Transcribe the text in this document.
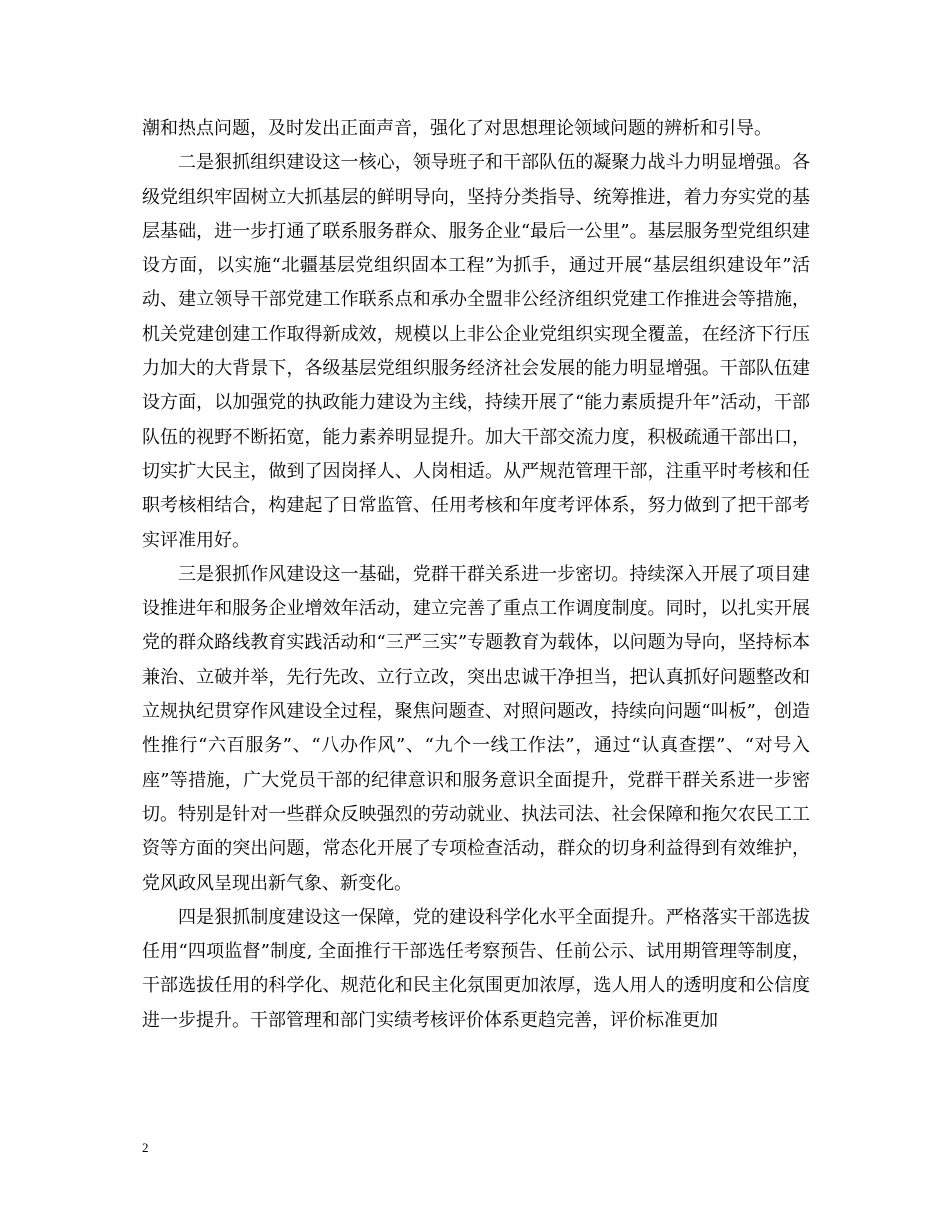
潮和热点问题，及时发出正面声音，强化了对思想理论领域问题的辨析和引导。

二是狠抓组织建设这一核心，领导班子和干部队伍的凝聚力战斗力明显增强。各级党组织牢固树立大抓基层的鲜明导向，坚持分类指导、统筹推进，着力夯实党的基层基础，进一步打通了联系服务群众、服务企业“最后一公里”。基层服务型党组织建设方面，以实施“北疆基层党组织固本工程”为抓手，通过开展“基层组织建设年”活动、建立领导干部党建工作联系点和承办全盟非公经济组织党建工作推进会等措施，机关党建创建工作取得新成效，规模以上非公企业党组织实现全覆盖，在经济下行压力加大的大背景下，各级基层党组织服务经济社会发展的能力明显增强。干部队伍建设方面，以加强党的执政能力建设为主线，持续开展了“能力素质提升年”活动，干部队伍的视野不断拓宽，能力素养明显提升。加大干部交流力度，积极疏通干部出口，切实扩大民主，做到了因岗择人、人岗相适。从严规范管理干部，注重平时考核和任职考核相结合，构建起了日常监管、任用考核和年度考评体系，努力做到了把干部考实评准用好。

三是狠抓作风建设这一基础，党群干群关系进一步密切。持续深入开展了项目建设推进年和服务企业增效年活动，建立完善了重点工作调度制度。同时，以扎实开展党的群众路线教育实践活动和“三严三实”专题教育为载体，以问题为导向，坚持标本兼治、立破并举，先行先改、立行立改，突出忠诚干净担当，把认真抓好问题整改和立规执纪贯穿作风建设全过程，聚焦问题查、对照问题改，持续向问题“叫板”，创造性推行“六百服务”、“八办作风”、“九个一线工作法”，通过“认真查摆”、“对号入座”等措施，广大党员干部的纪律意识和服务意识全面提升，党群干群关系进一步密切。特别是针对一些群众反映强烈的劳动就业、执法司法、社会保障和拖欠农民工工资等方面的突出问题，常态化开展了专项检查活动，群众的切身利益得到有效维护，党风政风呈现出新气象、新变化。

四是狠抓制度建设这一保障，党的建设科学化水平全面提升。严格落实干部选拔任用“四项监督”制度, 全面推行干部选任考察预告、任前公示、试用期管理等制度，干部选拔任用的科学化、规范化和民主化氛围更加浓厚，选人用人的透明度和公信度进一步提升。干部管理和部门实绩考核评价体系更趋完善，评价标准更加

2
